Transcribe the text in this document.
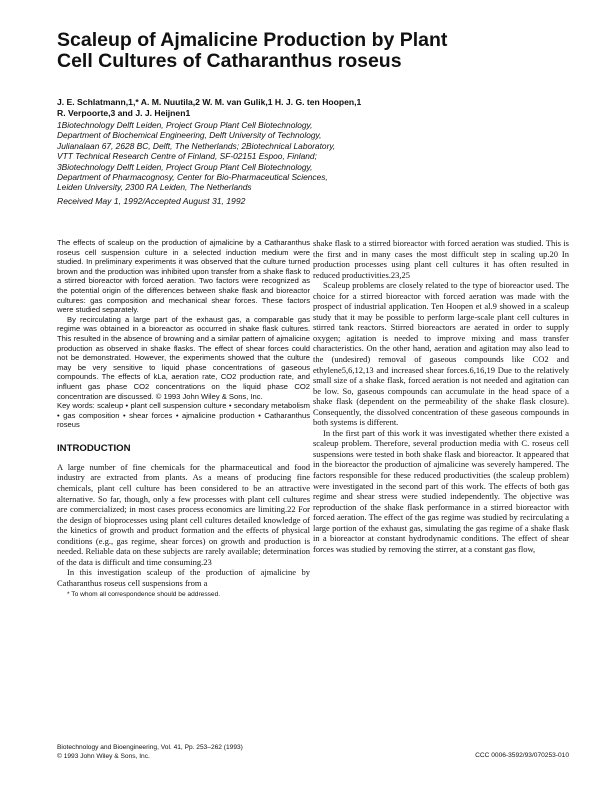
Scaleup of Ajmalicine Production by Plant
Cell Cultures of Catharanthus roseus
J. E. Schlatmann,1,* A. M. Nuutila,2 W. M. van Gulik,1 H. J. G. ten Hoopen,1
R. Verpoorte,3 and J. J. Heijnen1
1Biotechnology Delft Leiden, Project Group Plant Cell Biotechnology,
Department of Biochemical Engineering, Delft University of Technology,
Julianalaan 67, 2628 BC, Delft, The Netherlands; 2Biotechnical Laboratory,
VTT Technical Research Centre of Finland, SF-02151 Espoo, Finland;
3Biotechnology Delft Leiden, Project Group Plant Cell Biotechnology,
Department of Pharmacognosy, Center for Bio-Pharmaceutical Sciences,
Leiden University, 2300 RA Leiden, The Netherlands
Received May 1, 1992/Accepted August 31, 1992

The effects of scaleup on the production of ajmalicine by a Catharanthus roseus cell suspension culture in a selected induction medium were studied. In preliminary experiments it was observed that the culture turned brown and the production was inhibited upon transfer from a shake flask to a stirred bioreactor with forced aeration. Two factors were recognized as the potential origin of the differences between shake flask and bioreactor cultures: gas composition and mechanical shear forces. These factors were studied separately.

By recirculating a large part of the exhaust gas, a comparable gas regime was obtained in a bioreactor as occurred in shake flask cultures. This resulted in the absence of browning and a similar pattern of ajmalicine production as observed in shake flasks. The effect of shear forces could not be demonstrated. However, the experiments showed that the culture may be very sensitive to liquid phase concentrations of gaseous compounds. The effects of kLa, aeration rate, CO2 production rate, and influent gas phase CO2 concentrations on the liquid phase CO2 concentration are discussed. © 1993 John Wiley & Sons, Inc.

Key words: scaleup • plant cell suspension culture • secondary metabolism • gas composition • shear forces • ajmalicine production • Catharanthus roseus

INTRODUCTION

A large number of fine chemicals for the pharmaceutical and food industry are extracted from plants. As a means of producing fine chemicals, plant cell culture has been considered to be an attractive alternative. So far, though, only a few processes with plant cell cultures are commercialized; in most cases process economics are limiting.22 For the design of bioprocesses using plant cell cultures detailed knowledge of the kinetics of growth and product formation and the effects of physical conditions (e.g., gas regime, shear forces) on growth and production is needed. Reliable data on these subjects are rarely available; determination of the data is difficult and time consuming.23

In this investigation scaleup of the production of ajmalicine by Catharanthus roseus cell suspensions from a

* To whom all correspondence should be addressed.

shake flask to a stirred bioreactor with forced aeration was studied. This is the first and in many cases the most difficult step in scaling up.20 In production processes using plant cell cultures it has often resulted in reduced productivities.23,25

Scaleup problems are closely related to the type of bioreactor used. The choice for a stirred bioreactor with forced aeration was made with the prospect of industrial application. Ten Hoopen et al.9 showed in a scaleup study that it may be possible to perform large-scale plant cell cultures in stirred tank reactors. Stirred bioreactors are aerated in order to supply oxygen; agitation is needed to improve mixing and mass transfer characteristics. On the other hand, aeration and agitation may also lead to the (undesired) removal of gaseous compounds like CO2 and ethylene5,6,12,13 and increased shear forces.6,16,19 Due to the relatively small size of a shake flask, forced aeration is not needed and agitation can be low. So, gaseous compounds can accumulate in the head space of a shake flask (dependent on the permeability of the shake flask closure). Consequently, the dissolved concentration of these gaseous compounds in both systems is different.

In the first part of this work it was investigated whether there existed a scaleup problem. Therefore, several production media with C. roseus cell suspensions were tested in both shake flask and bioreactor. It appeared that in the bioreactor the production of ajmalicine was severely hampered. The factors responsible for these reduced productivities (the scaleup problem) were investigated in the second part of this work. The effects of both gas regime and shear stress were studied independently. The objective was reproduction of the shake flask performance in a stirred bioreactor with forced aeration. The effect of the gas regime was studied by recirculating a large portion of the exhaust gas, simulating the gas regime of a shake flask in a bioreactor at constant hydrodynamic conditions. The effect of shear forces was studied by removing the stirrer, at a constant gas flow,

Biotechnology and Bioengineering, Vol. 41, Pp. 253–262 (1993)
© 1993 John Wiley & Sons, Inc.	CCC 0006-3592/93/070253-010
